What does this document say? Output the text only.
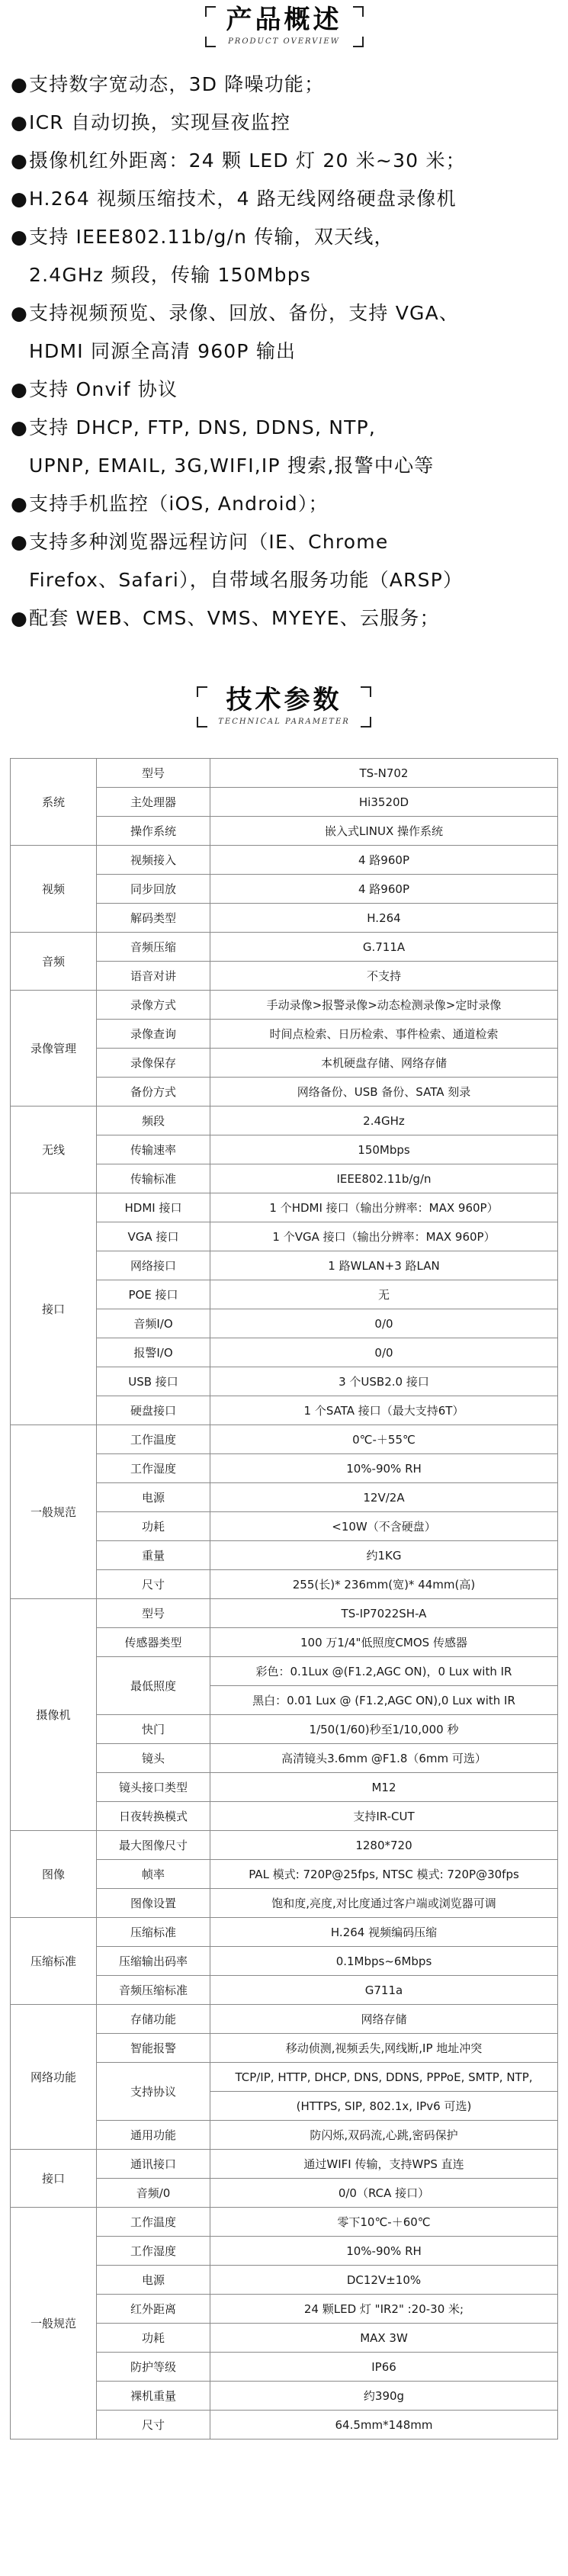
产品概述
PRODUCT OVERVIEW
●支持数字宽动态，3D 降噪功能；
●ICR 自动切换，实现昼夜监控
●摄像机红外距离：24 颗 LED 灯 20 米~30 米；
●H.264 视频压缩技术，4 路无线网络硬盘录像机
●支持 IEEE802.11b/g/n 传输，双天线，
2.4GHz 频段，传输 150Mbps
●支持视频预览、录像、回放、备份，支持 VGA、
HDMI 同源全高清 960P 输出
●支持 Onvif 协议
●支持 DHCP, FTP, DNS, DDNS, NTP,
UPNP, EMAIL, 3G,WIFI,IP 搜索,报警中心等
●支持手机监控（iOS, Android）；
●支持多种浏览器远程访问（IE、Chrome
Firefox、Safari），自带域名服务功能（ARSP）
●配套 WEB、CMS、VMS、MYEYE、云服务；
技术参数
TECHNICAL PARAMETER
系统	型号	TS-N702
	主处理器	Hi3520D
	操作系统	嵌入式LINUX 操作系统
视频	视频接入	4 路960P
	同步回放	4 路960P
	解码类型	H.264
音频	音频压缩	G.711A
	语音对讲	不支持
录像管理	录像方式	手动录像>报警录像>动态检测录像>定时录像
	录像查询	时间点检索、日历检索、事件检索、通道检索
	录像保存	本机硬盘存储、网络存储
	备份方式	网络备份、USB 备份、SATA 刻录
无线	频段	2.4GHz
	传输速率	150Mbps
	传输标准	IEEE802.11b/g/n
接口	HDMI 接口	1 个HDMI 接口（输出分辨率：MAX 960P）
	VGA 接口	1 个VGA 接口（输出分辨率：MAX 960P）
	网络接口	1 路WLAN+3 路LAN
	POE 接口	无
	音频I/O	0/0
	报警I/O	0/0
	USB 接口	3 个USB2.0 接口
	硬盘接口	1 个SATA 接口（最大支持6T）
一般规范	工作温度	0℃-＋55℃
	工作湿度	10%-90% RH
	电源	12V/2A
	功耗	<10W（不含硬盘）
	重量	约1KG
	尺寸	255(长)* 236mm(宽)* 44mm(高)
摄像机	型号	TS-IP7022SH-A
	传感器类型	100 万1/4"低照度CMOS 传感器
	最低照度	彩色：0.1Lux @(F1.2,AGC ON)，0 Lux with IR
		黑白：0.01 Lux @ (F1.2,AGC ON),0 Lux with IR
	快门	1/50(1/60)秒至1/10,000 秒
	镜头	高清镜头3.6mm @F1.8（6mm 可选）
	镜头接口类型	M12
	日夜转换模式	支持IR-CUT
图像	最大图像尺寸	1280*720
	帧率	PAL 模式: 720P@25fps, NTSC 模式: 720P@30fps
	图像设置	饱和度,亮度,对比度通过客户端或浏览器可调
压缩标准	压缩标准	H.264 视频编码压缩
	压缩输出码率	0.1Mbps~6Mbps
	音频压缩标准	G711a
网络功能	存储功能	网络存储
	智能报警	移动侦测,视频丢失,网线断,IP 地址冲突
	支持协议	TCP/IP, HTTP, DHCP, DNS, DDNS, PPPoE, SMTP, NTP,
		(HTTPS, SIP, 802.1x, IPv6 可选)
	通用功能	防闪烁,双码流,心跳,密码保护
接口	通讯接口	通过WIFI 传输，支持WPS 直连
	音频/0	0/0（RCA 接口）
一般规范	工作温度	零下10℃-＋60℃
	工作湿度	10%-90% RH
	电源	DC12V±10%
	红外距离	24 颗LED 灯 "IR2" :20-30 米;
	功耗	MAX 3W
	防护等级	IP66
	裸机重量	约390g
	尺寸	64.5mm*148mm
